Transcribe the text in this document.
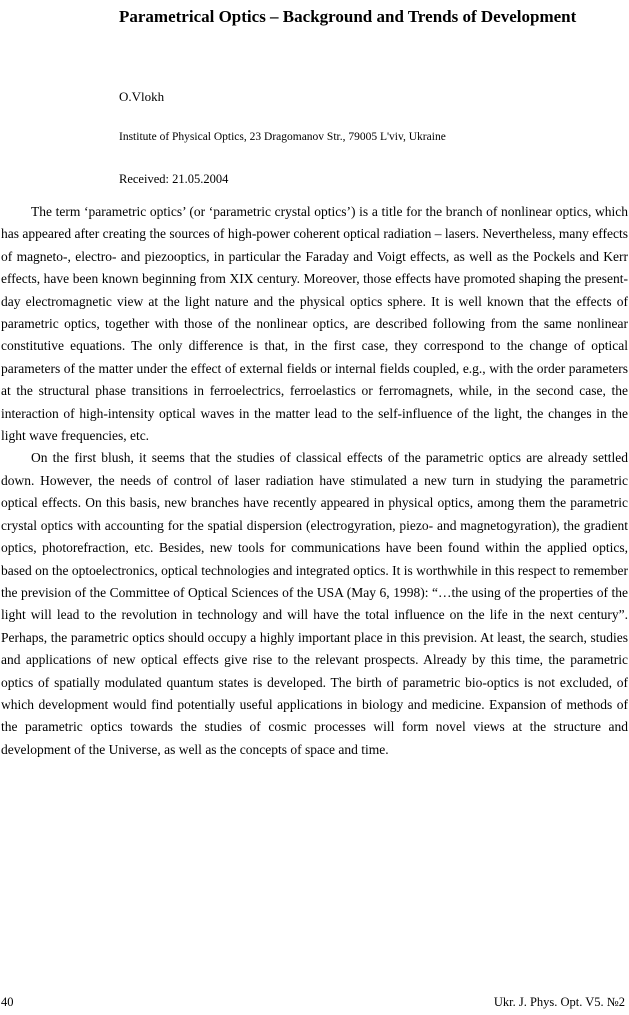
Parametrical Optics – Background and Trends of Development

O.Vlokh

Institute of Physical Optics, 23 Dragomanov Str., 79005 L'viv, Ukraine

Received: 21.05.2004

The term ‘parametric optics’ (or ‘parametric crystal optics’) is a title for the branch of nonlinear optics, which has appeared after creating the sources of high-power coherent optical radiation – lasers. Nevertheless, many effects of magneto-, electro- and piezooptics, in particular the Faraday and Voigt effects, as well as the Pockels and Kerr effects, have been known beginning from XIX century. Moreover, those effects have promoted shaping the present-day electromagnetic view at the light nature and the physical optics sphere. It is well known that the effects of parametric optics, together with those of the nonlinear optics, are described following from the same nonlinear constitutive equations. The only difference is that, in the first case, they correspond to the change of optical parameters of the matter under the effect of external fields or internal fields coupled, e.g., with the order parameters at the structural phase transitions in ferroelectrics, ferroelastics or ferromagnets, while, in the second case, the interaction of high-intensity optical waves in the matter lead to the self-influence of the light, the changes in the light wave frequencies, etc.

On the first blush, it seems that the studies of classical effects of the parametric optics are already settled down. However, the needs of control of laser radiation have stimulated a new turn in studying the parametric optical effects. On this basis, new branches have recently appeared in physical optics, among them the parametric crystal optics with accounting for the spatial dispersion (electrogyration, piezo- and magnetogyration), the gradient optics, photorefraction, etc. Besides, new tools for communications have been found within the applied optics, based on the optoelectronics, optical technologies and integrated optics. It is worthwhile in this respect to remember the prevision of the Committee of Optical Sciences of the USA (May 6, 1998): “…the using of the properties of the light will lead to the revolution in technology and will have the total influence on the life in the next century”. Perhaps, the parametric optics should occupy a highly important place in this prevision. At least, the search, studies and applications of new optical effects give rise to the relevant prospects. Already by this time, the parametric optics of spatially modulated quantum states is developed. The birth of parametric bio-optics is not excluded, of which development would find potentially useful applications in biology and medicine. Expansion of methods of the parametric optics towards the studies of cosmic processes will form novel views at the structure and development of the Universe, as well as the concepts of space and time.

40	Ukr. J. Phys. Opt. V5. №2
